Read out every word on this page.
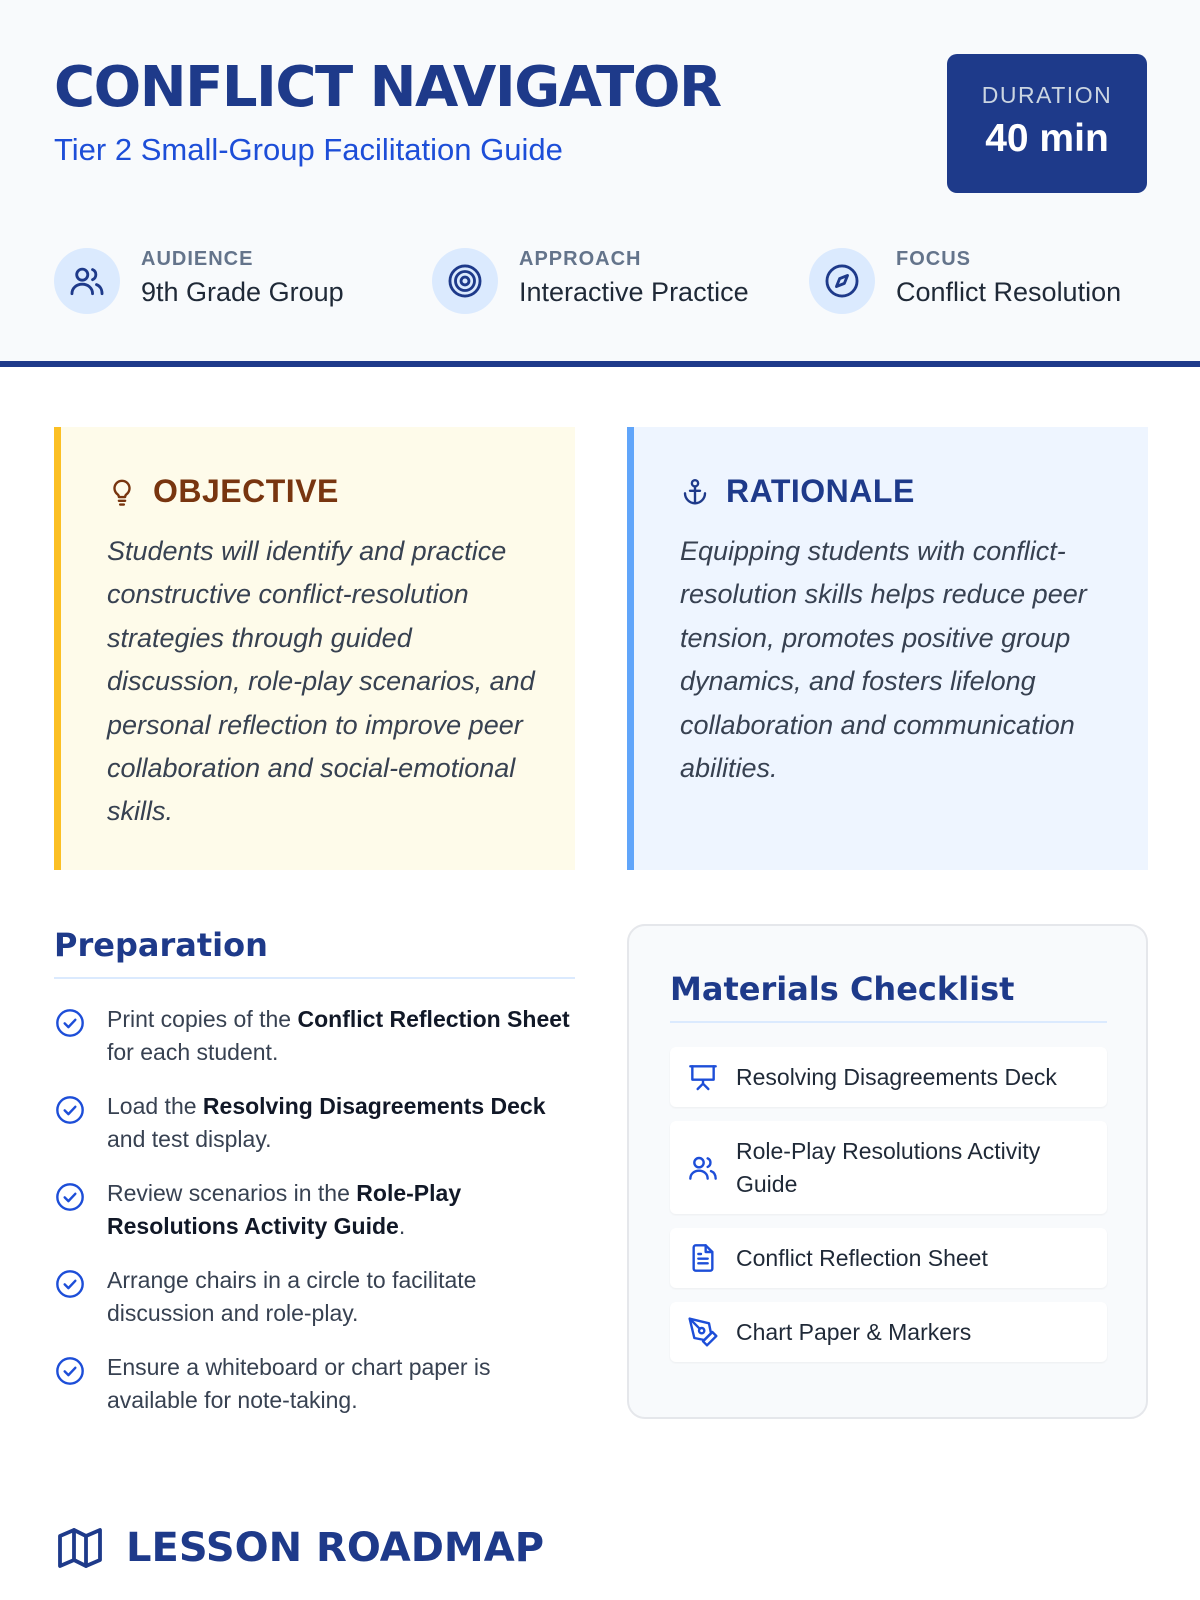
CONFLICT NAVIGATOR
Tier 2 Small-Group Facilitation Guide
DURATION
40 min
AUDIENCE
9th Grade Group
APPROACH
Interactive Practice
FOCUS
Conflict Resolution
OBJECTIVE

Students will identify and practice constructive conflict-resolution strategies through guided discussion, role-play scenarios, and personal reflection to improve peer collaboration and social-emotional skills.

RATIONALE

Equipping students with conflict-resolution skills helps reduce peer tension, promotes positive group dynamics, and fosters lifelong collaboration and communication abilities.

Preparation
Print copies of the Conflict Reflection Sheet for each student.
Load the Resolving Disagreements Deck and test display.
Review scenarios in the Role-Play Resolutions Activity Guide.
Arrange chairs in a circle to facilitate discussion and role-play.
Ensure a whiteboard or chart paper is available for note-taking.
Materials Checklist
Resolving Disagreements Deck
Role-Play Resolutions Activity Guide
Conflict Reflection Sheet
Chart Paper & Markers
LESSON ROADMAP
